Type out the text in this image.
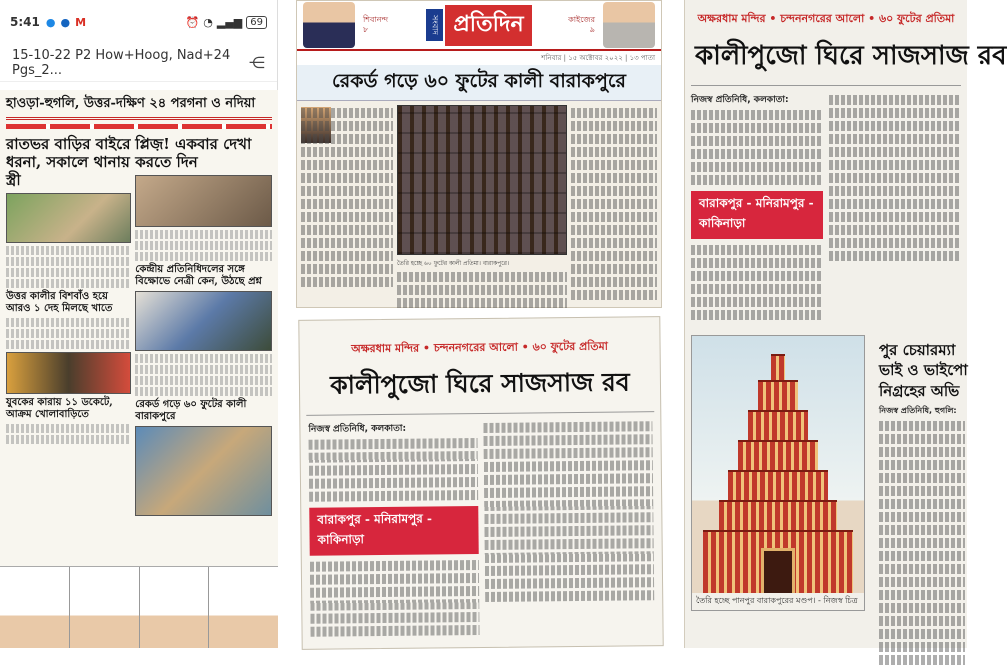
5:41 ● ● M	⏰ ◔ ▂▄▆ 69
15-10-22 P2 How+Hoog, Nad+24 Pgs_2...	⋲
হাওড়া-হুগলি, উত্তর-দক্ষিণ ২৪ পরগনা ও নদিয়া
রাতভর বাড়ির বাইরে
ধরনা, সকালে থানায় স্ত্রী
উত্তর কালীর বিশবাঁও হয়ে
আরও ১ দেহ মিলছে খাতে
যুবকের কারায় ১১ ডকেটে,
আক্রম খোলাবাড়িতে
প্লিজ়! একবার দেখা করতে দিন
কেন্দ্রীয় প্রতিনিধিদলের সঙ্গে
বিক্ষোভে নেত্রী কেন, উঠছে প্রশ্ন
রেকর্ড গড়ে ৬০ ফুটের কালী বারাকপুরে
শিবানন্দ
৮	সংবাদ প্রতিদিন	কাইজের
৯
শনিবার | ১৫ অক্টোবর ২০২২ | ১৩ পাতা
রেকর্ড গড়ে ৬০ ফুটের কালী বারাকপুরে
তৈরি হচ্ছে ৬০ ফুটের কালী প্রতিমা। বারাকপুরে।
অক্ষরধাম মন্দির • চন্দননগরের আলো • ৬০ ফুটের প্রতিমা
কালীপুজো ঘিরে সাজসাজ রব
নিজস্ব প্রতিনিধি, কলকাতা:
বারাকপুর - মনিরামপুর - কাকিনাড়া
অক্ষরধাম মন্দির • চন্দননগরের আলো • ৬০ ফুটের প্রতিমা
কালীপুজো ঘিরে সাজসাজ রব
নিজস্ব প্রতিনিধি, কলকাতা:
বারাকপুর - মনিরামপুর - কাকিনাড়া
তৈরি হচ্ছে পানপুর বারাকপুরের মণ্ডপ। - নিজস্ব চিত্র
পুর চেয়ারম্যা
ভাই ও ভাইপো
নিগ্রহের অভি
নিজস্ব প্রতিনিধি, হুগলি:
